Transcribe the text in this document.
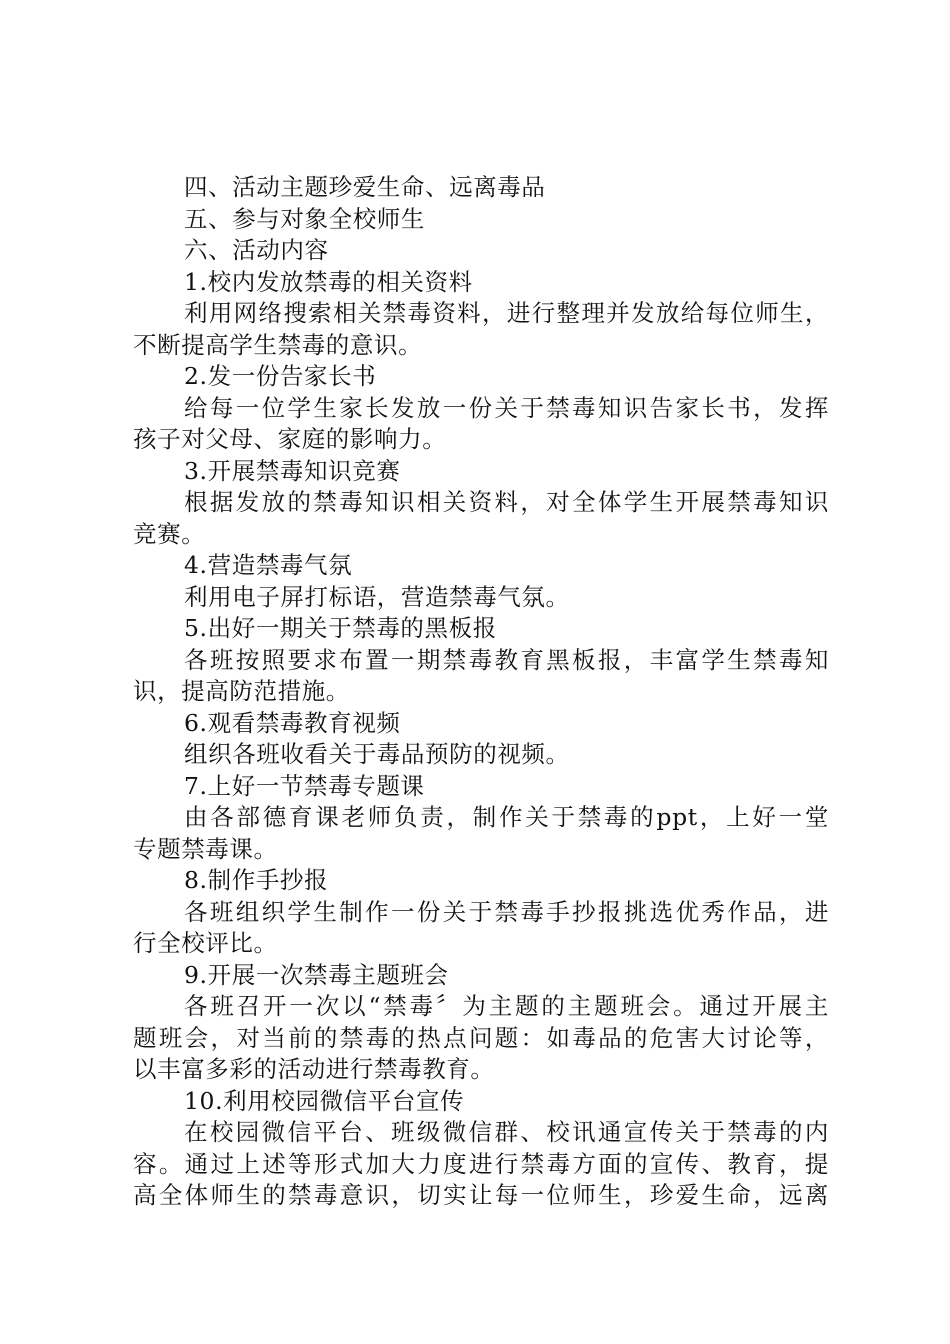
四、活动主题珍爱生命、远离毒品
五、参与对象全校师生
六、活动内容
1.校内发放禁毒的相关资料
利用网络搜索相关禁毒资料，进行整理并发放给每位师生，
不断提高学生禁毒的意识。
2.发一份告家长书
给每一位学生家长发放一份关于禁毒知识告家长书，发挥
孩子对父母、家庭的影响力。
3.开展禁毒知识竞赛
根据发放的禁毒知识相关资料，对全体学生开展禁毒知识
竞赛。
4.营造禁毒气氛
利用电子屏打标语，营造禁毒气氛。
5.出好一期关于禁毒的黑板报
各班按照要求布置一期禁毒教育黑板报，丰富学生禁毒知
识，提高防范措施。
6.观看禁毒教育视频
组织各班收看关于毒品预防的视频。
7.上好一节禁毒专题课
由各部德育课老师负责，制作关于禁毒的ppt，上好一堂
专题禁毒课。
8.制作手抄报
各班组织学生制作一份关于禁毒手抄报挑选优秀作品，进
行全校评比。
9.开展一次禁毒主题班会
各班召开一次以“禁毒〞为主题的主题班会。通过开展主
题班会，对当前的禁毒的热点问题：如毒品的危害大讨论等，
以丰富多彩的活动进行禁毒教育。
10.利用校园微信平台宣传
在校园微信平台、班级微信群、校讯通宣传关于禁毒的内
容。通过上述等形式加大力度进行禁毒方面的宣传、教育，提
高全体师生的禁毒意识，切实让每一位师生，珍爱生命，远离
